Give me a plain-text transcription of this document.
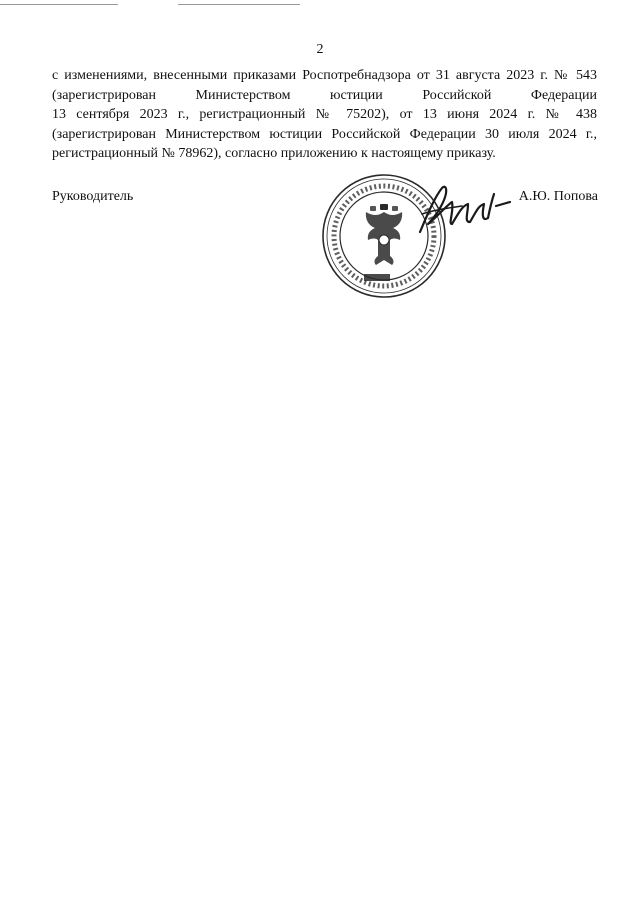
2
с изменениями, внесенными приказами Роспотребнадзора от 31 августа 2023 г. № 543
(зарегистрирован Министерством юстиции Российской Федерации
13 сентября 2023 г., регистрационный № 75202), от 13 июня 2024 г. № 438
(зарегистрирован Министерством юстиции Российской Федерации 30 июля 2024 г.,
регистрационный № 78962), согласно приложению к настоящему приказу.
Руководитель	А.Ю. Попова
